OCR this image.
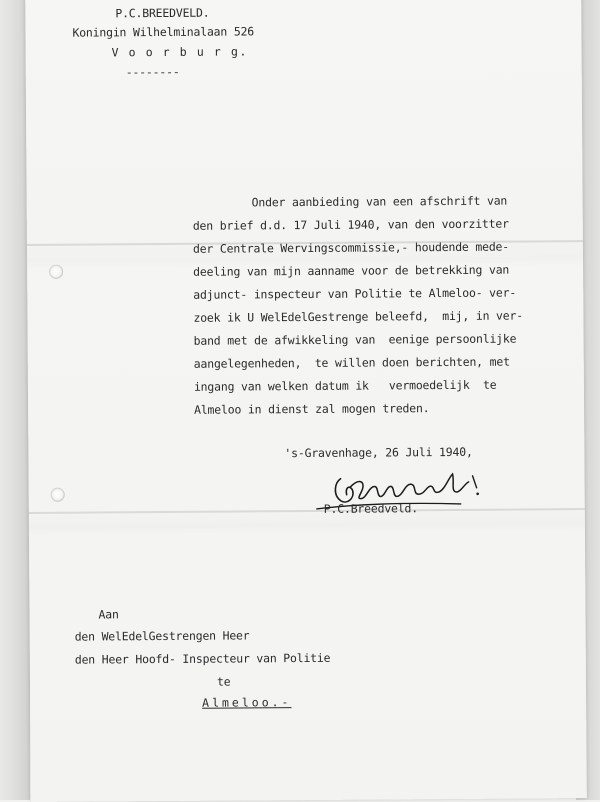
P.C.BREEDVELD.
Koningin Wilhelminalaan 526
V o o r b u r g.
--------
Onder aanbieding van een afschrift van
den brief d.d. 17 Juli 1940, van den voorzitter
der Centrale Wervingscommissie,- houdende mede-
deeling van mijn aanname voor de betrekking van
adjunct- inspecteur van Politie te Almeloo- ver-
zoek ik U WelEdelGestrenge beleefd,  mij, in ver-
band met de afwikkeling van  eenige persoonlijke
aangelegenheden,  te willen doen berichten, met
ingang van welken datum ik   vermoedelijk  te
Almeloo in dienst zal mogen treden.
's-Gravenhage, 26 Juli 1940,
P.C.Breedveld.
Aan
den WelEdelGestrengen Heer
den Heer Hoofd- Inspecteur van Politie
te
Almeloo.-
